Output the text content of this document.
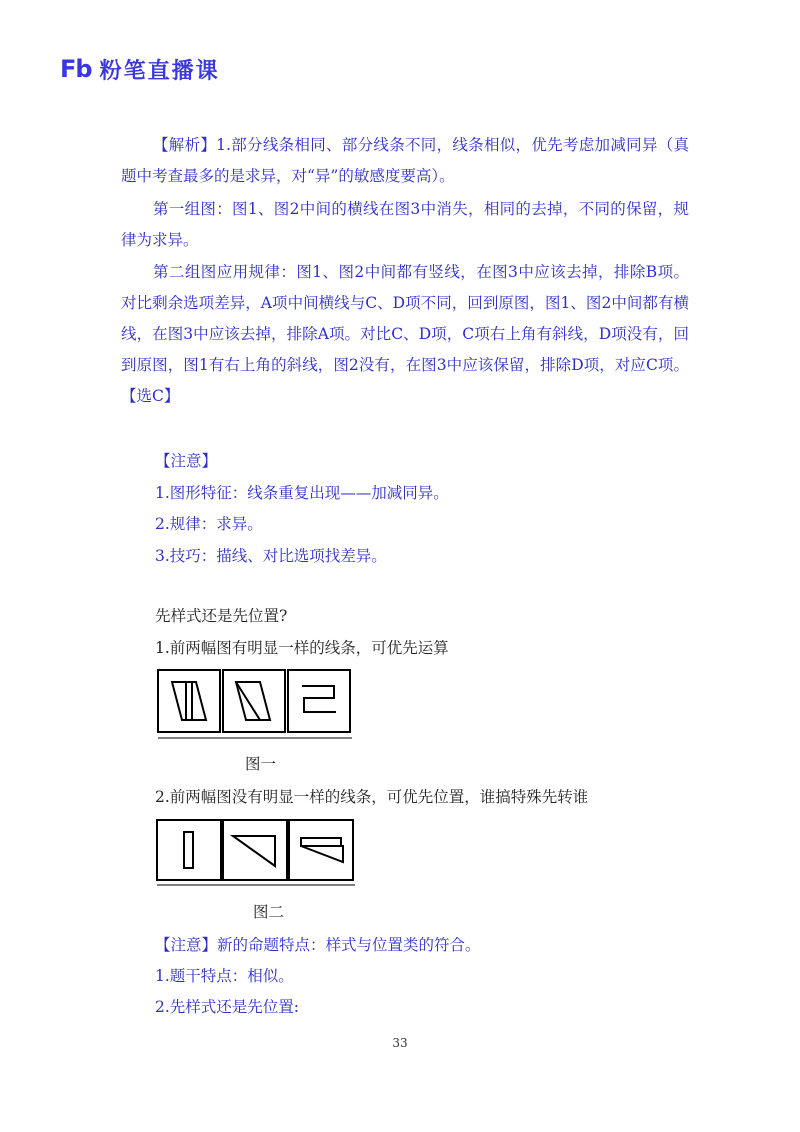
Fb 粉笔直播课

【解析】1.部分线条相同、部分线条不同，线条相似，优先考虑加减同异（真题中考查最多的是求异，对“异”的敏感度要高）。

第一组图：图1、图2中间的横线在图3中消失，相同的去掉，不同的保留，规律为求异。

第二组图应用规律：图1、图2中间都有竖线，在图3中应该去掉，排除B项。对比剩余选项差异，A项中间横线与C、D项不同，回到原图，图1、图2中间都有横线，在图3中应该去掉，排除A项。对比C、D项，C项右上角有斜线，D项没有，回到原图，图1有右上角的斜线，图2没有，在图3中应该保留，排除D项，对应C项。【选C】

【注意】
1.图形特征：线条重复出现——加减同异。
2.规律：求异。
3.技巧：描线、对比选项找差异。
先样式还是先位置?
1.前两幅图有明显一样的线条，可优先运算
图一
2.前两幅图没有明显一样的线条，可优先位置，谁搞特殊先转谁
图二
【注意】新的命题特点：样式与位置类的符合。
1.题干特点：相似。
2.先样式还是先位置:
33
